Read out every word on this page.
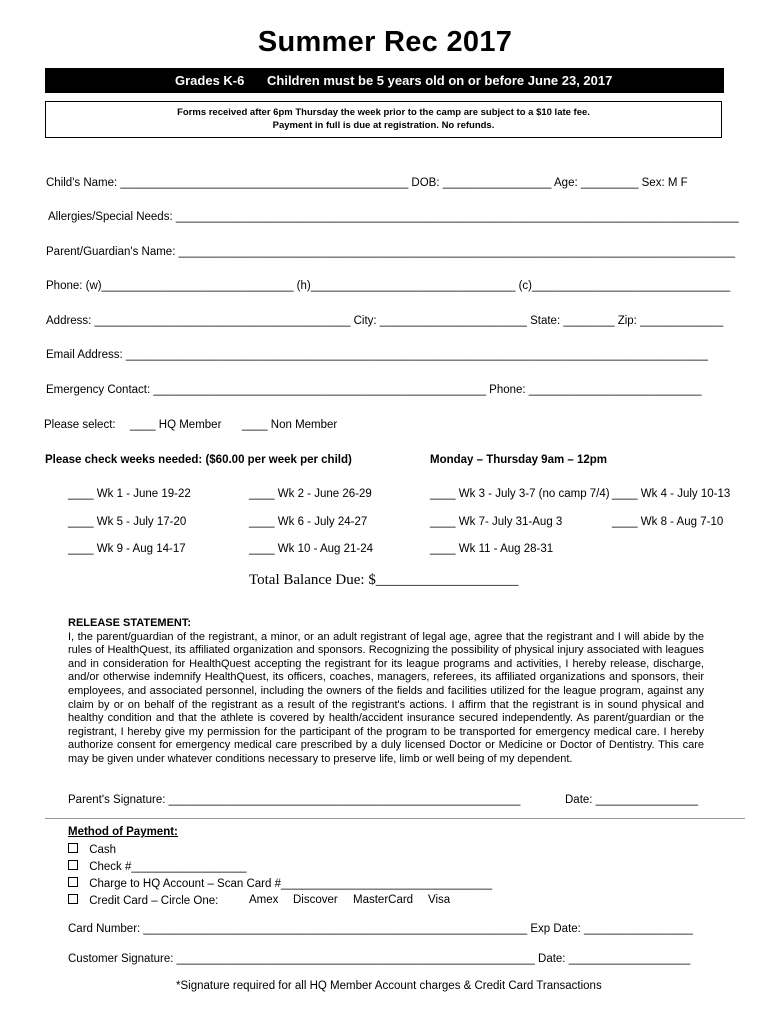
Summer Rec 2017
Grades K-6 Children must be 5 years old on or before June 23, 2017
Forms received after 6pm Thursday the week prior to the camp are subject to a $10 late fee.
Payment in full is due at registration. No refunds.
Child's Name: _____________________________________________ DOB: _________________ Age: _________ Sex: M F
Allergies/Special Needs: ________________________________________________________________________________________
Parent/Guardian's Name: _______________________________________________________________________________________
Phone: (w)______________________________ (h)________________________________ (c)_______________________________
Address: ________________________________________ City: _______________________ State: ________ Zip: _____________
Email Address: ___________________________________________________________________________________________
Emergency Contact: ____________________________________________________ Phone: ___________________________
Please select: ____ HQ Member ____ Non Member
Please check weeks needed: ($60.00 per week per child)	Monday – Thursday 9am – 12pm
____ Wk 1 - June 19-22	____ Wk 2 - June 26-29	____ Wk 3 - July 3-7 (no camp 7/4) ____ Wk 4 - July 10-13
____ Wk 5 - July 17-20	____ Wk 6 - July 24-27	____ Wk 7- July 31-Aug 3	____ Wk 8 - Aug 7-10
____ Wk 9 - Aug 14-17	____ Wk 10 - Aug 21-24	____ Wk 11 - Aug 28-31
Total Balance Due: $___________________
RELEASE STATEMENT:
I, the parent/guardian of the registrant, a minor, or an adult registrant of legal age, agree that the registrant and I will abide by the rules of HealthQuest, its affiliated organization and sponsors. Recognizing the possibility of physical injury associated with leagues and in consideration for HealthQuest accepting the registrant for its league programs and activities, I hereby release, discharge, and/or otherwise indemnify HealthQuest, its officers, coaches, managers, referees, its affiliated organizations and sponsors, their employees, and associated personnel, including the owners of the fields and facilities utilized for the league program, against any claim by or on behalf of the registrant as a result of the registrant's actions. I affirm that the registrant is in sound physical and healthy condition and that the athlete is covered by health/accident insurance secured independently. As parent/guardian or the registrant, I hereby give my permission for the participant of the program to be transported for emergency medical care. I hereby authorize consent for emergency medical care prescribed by a duly licensed Doctor or Medicine or Doctor of Dentistry. This care may be given under whatever conditions necessary to preserve life, limb or well being of my dependent.
Parent's Signature: _______________________________________________________	Date: ________________
Method of Payment:
Cash
Check #__________________
Charge to HQ Account – Scan Card #_________________________________
Credit Card – Circle One:	Amex Discover MasterCard Visa
Card Number: ____________________________________________________________ Exp Date: _________________
Customer Signature: ________________________________________________________ Date: ___________________
*Signature required for all HQ Member Account charges & Credit Card Transactions
